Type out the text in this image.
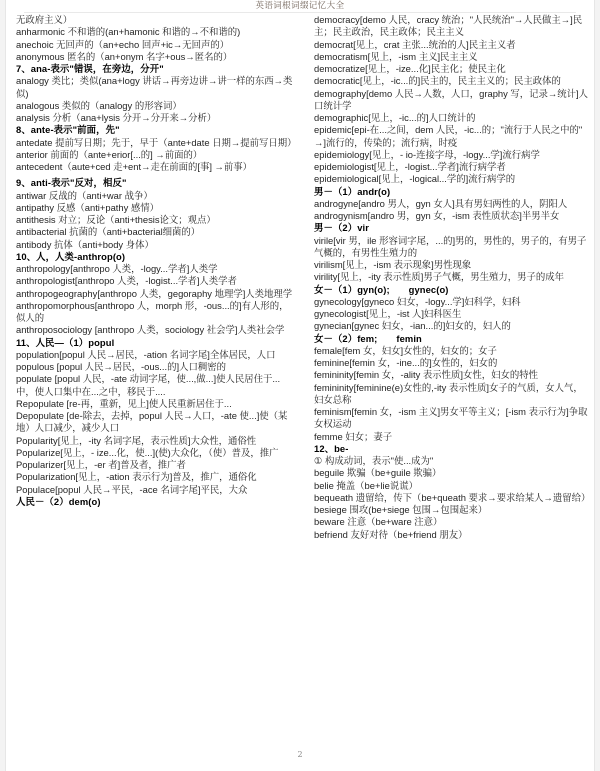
英语词根词缀记忆大全

无政府主义）

anharmonic 不和谐的(an+hamonic 和谐的→不和谐的)

anechoic 无回声的（an+echo 回声+ic→无回声的）

anonymous 匿名的（an+onym 名字+ous→匿名的）

7、ana-表示"错误，在旁边，分开"

analogy 类比；类似(ana+logy 讲话→再旁边讲→讲一样的东西→类似)

analogous 类似的（analogy 的形容词）

analysis 分析（ana+lysis 分开→分开来→分析）

8、ante-表示"前面，先"

antedate 提前写日期；先于，早于（ante+date 日期→提前写日期）

anterior 前面的（ante+erior[...的] →前面的）

antecedent（aute+ced 走+ent→走在前面的[事] →前事）

9、anti-表示"反对，相反"

antiwar 反战的（anti+war 战争）

antipathy 反感（anti+pathy 感情）

antithesis 对立；反论（anti+thesis论文；观点）

antibacterial 抗菌的（anti+bacterial细菌的）

antibody 抗体（anti+body 身体）

10、人，人类-anthrop(o)

anthropology[anthropo 人类，-logy...学者]人类学

anthropologist[anthropo 人类，-logist...学者]人类学者

anthropogeography[anthropo 人类，gegoraphy 地理学]人类地理学

anthropomorphous[anthropo 人，morph 形，-ous...的]有人形的，似人的

anthroposociology [anthropo 人类，sociology 社会学]人类社会学

11、人民—（1）popul

population[popul 人民→居民，-ation 名词字尾]全体居民，人口

populous [popul 人民→居民，-ous...的]人口稠密的

populate [popul 人民，-ate 动词字尾，使...,做...]使人民居住于...中，使人口集中在...之中，移民于....

Repopulate [re-再，重新，见上]使人民重新居住于...

Depopulate [de-除去，去掉，popul 人民→人口，-ate 使...]使（某地）人口减少，减少人口

Popularity[见上，-ity 名词字尾，表示性质]大众性，通俗性

Popularize[见上，- ize...化，使...](使)大众化，（使）普及，推广

Popularizer[见上，-er 者]普及者，推广者

Popularization[见上，-ation 表示行为]普及，推广，通俗化

Populace[popul 人民→平民，-ace 名词字尾]平民，大众

人民－（2）dem(o)

democracy[demo 人民，cracy 统治；"人民统治"→人民做主→]民主；民主政治，民主政体；民主主义

democrat[见上，crat 主张...统治的人]民主主义者

democratism[见上，-ism 主义]民主主义

democratize[见上，-ize...化]民主化；使民主化

democratic[见上，-ic...的]民主的，民主主义的；民主政体的

demography[demo 人民→人数，人口，graphy 写，记录→统计]人口统计学

demographic[见上，-ic...的]人口统计的

epidemic[epi-在...之间，dem 人民，-ic...的；"流行于人民之中的" →]流行的，传染的；流行病，时疫

epidemiology[见上，- io-连接字母，-logy...学]流行病学

epidemiologist[见上，-logist...学者]流行病学者

epidemiological[见上，-logical...学的]流行病学的

男－（1）andr(o)

androgyne[andro 男人，gyn 女人]具有男妇两性的人，阴阳人

androgynism[andro 男，gyn 女，-ism 表性质状态]半男半女

男－（2）vir

virile[vir 男，ile 形容词字尾，...的]男的，男性的，男子的，有男子气概的，有男性生殖力的

virilism[见上，-ism 表示现象]男性现象

virility[见上，-ity 表示性质]男子气概，男生殖力，男子的成年

女－（1）gyn(o);　　gynec(o)

gynecology[gyneco 妇女，-logy...学]妇科学，妇科

gynecologist[见上，-ist 人]妇科医生

gynecian[gynec 妇女，-ian...的]妇女的，妇人的

女－（2）fem;　　femin

female[fem 女，妇女]女性的，妇女的；女子

feminine[femin 女，-ine...的]女性的，妇女的

femininity[femin 女，-ality 表示性质]女性，妇女的特性

femininity[feminine(e)女性的,-ity 表示性质]女子的气质，女人气，妇女总称

feminism[femin 女，-ism 主义]男女平等主义；[-ism 表示行为]争取女权运动

femme 妇女；妻子

12、be-

① 构成动词，表示"使...成为"

beguile 欺骗（be+guile 欺骗）

belie 掩盖（be+lie说谎）

bequeath 遗留给，传下（be+queath 要求→要求给某人→遗留给）

besiege 围攻(be+siege 包围→包围起来）

beware 注意（be+ware 注意）

befriend 友好对待（be+friend 朋友）

2
